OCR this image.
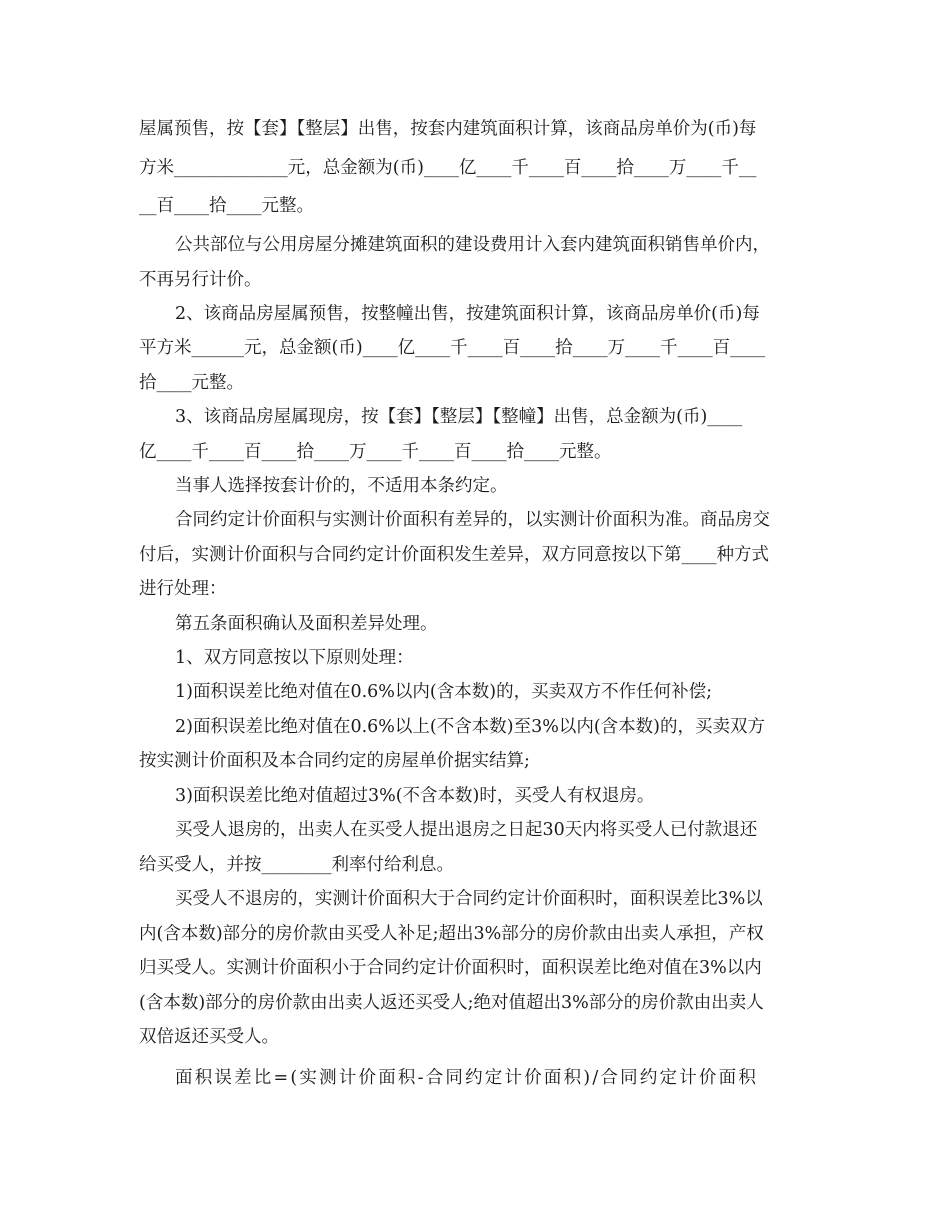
屋属预售，按【套】【整层】出售，按套内建筑面积计算，该商品房单价为(币)每
方米_____________元，总金额为(币)____亿____千____百____拾____万____千__
__百____拾____元整。
公共部位与公用房屋分摊建筑面积的建设费用计入套内建筑面积销售单价内，
不再另行计价。
2、该商品房屋属预售，按整幢出售，按建筑面积计算，该商品房单价(币)每
平方米______元，总金额(币)____亿____千____百____拾____万____千____百____
拾____元整。
3、该商品房屋属现房，按【套】【整层】【整幢】出售，总金额为(币)____
亿____千____百____拾____万____千____百____拾____元整。
当事人选择按套计价的，不适用本条约定。
合同约定计价面积与实测计价面积有差异的，以实测计价面积为准。商品房交
付后，实测计价面积与合同约定计价面积发生差异，双方同意按以下第____种方式
进行处理：
第五条面积确认及面积差异处理。
1、双方同意按以下原则处理：
1)面积误差比绝对值在0.6%以内(含本数)的，买卖双方不作任何补偿;
2)面积误差比绝对值在0.6%以上(不含本数)至3%以内(含本数)的，买卖双方
按实测计价面积及本合同约定的房屋单价据实结算;
3)面积误差比绝对值超过3%(不含本数)时，买受人有权退房。
买受人退房的，出卖人在买受人提出退房之日起30天内将买受人已付款退还
给买受人，并按________利率付给利息。
买受人不退房的，实测计价面积大于合同约定计价面积时，面积误差比3%以
内(含本数)部分的房价款由买受人补足;超出3%部分的房价款由出卖人承担，产权
归买受人。实测计价面积小于合同约定计价面积时，面积误差比绝对值在3%以内
(含本数)部分的房价款由出卖人返还买受人;绝对值超出3%部分的房价款由出卖人
双倍返还买受人。
面积误差比=(实测计价面积-合同约定计价面积)/合同约定计价面积
